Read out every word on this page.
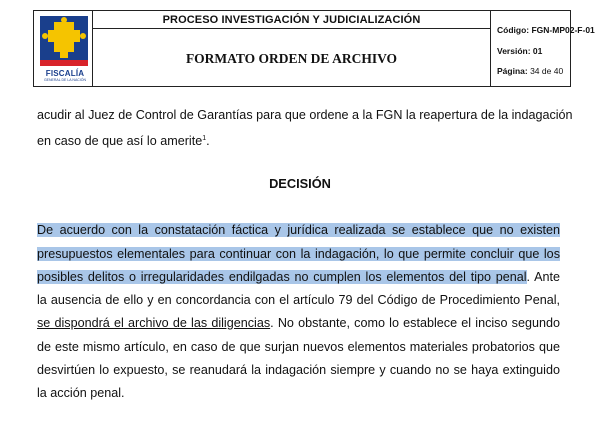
FISCALÍA
GENERAL DE LA NACIÓN
PROCESO INVESTIGACIÓN Y JUDICIALIZACIÓN
FORMATO ORDEN DE ARCHIVO
Código: FGN-MP02-F-01
Versión: 01
Página: 34 de 40
acudir al Juez de Control de Garantías para que ordene a la FGN la reapertura de la indagación
en caso de que así lo amerite$^1$.
DECISIÓN
De acuerdo con la constatación fáctica y jurídica realizada se establece que no existen
presupuestos elementales para continuar con la indagación, lo que permite concluir que los
posibles delitos o irregularidades endilgadas no cumplen los elementos del tipo penal. Ante
la ausencia de ello y en concordancia con el artículo 79 del Código de Procedimiento Penal,
se dispondrá el archivo de las diligencias. No obstante, como lo establece el inciso segundo
de este mismo artículo, en caso de que surjan nuevos elementos materiales probatorios que
desvirtúen lo expuesto, se reanudará la indagación siempre y cuando no se haya extinguido
la acción penal.
